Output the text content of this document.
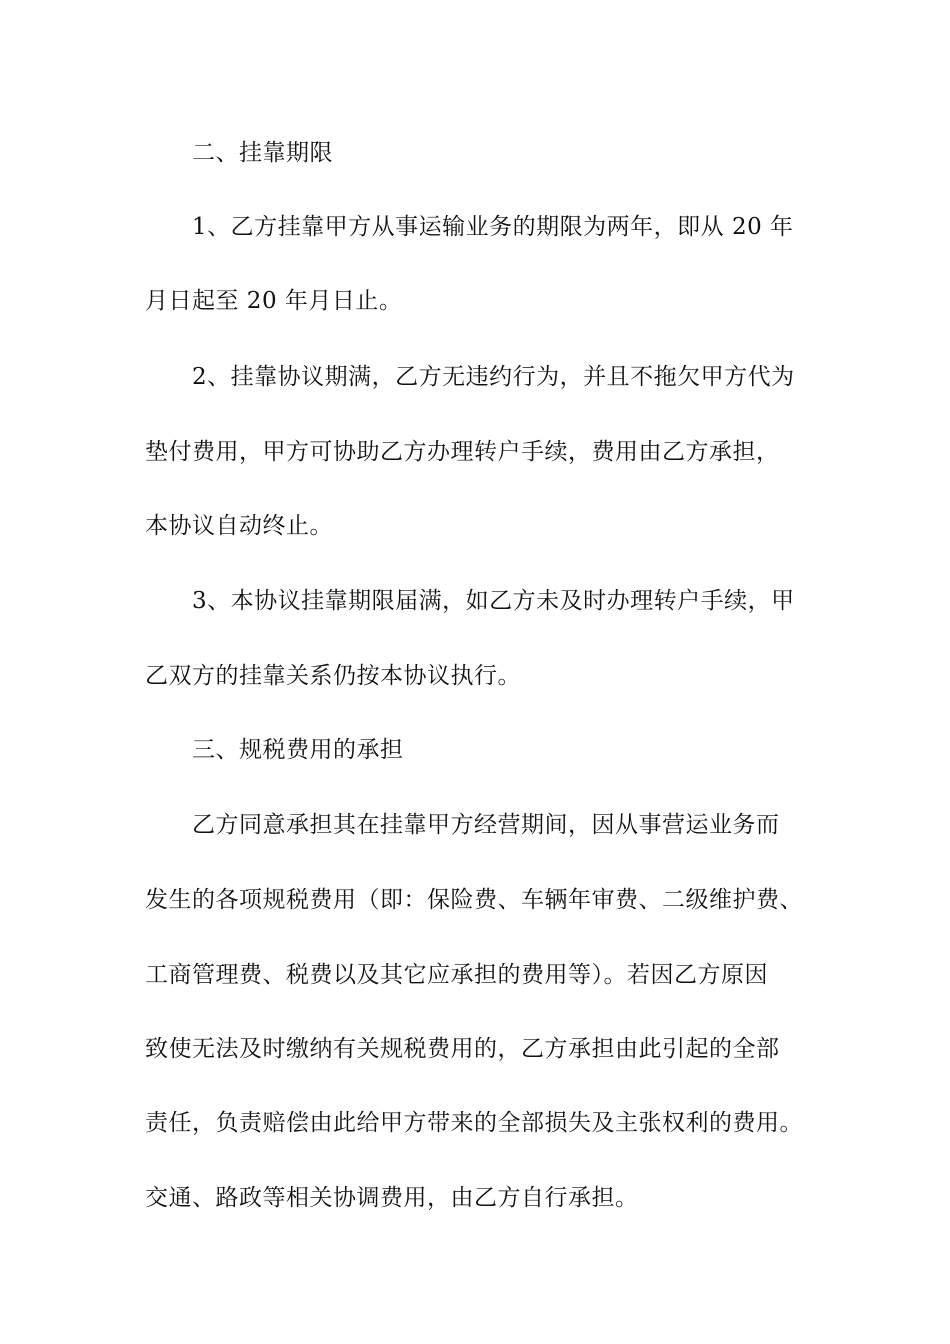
二、挂靠期限
1、乙方挂靠甲方从事运输业务的期限为两年，即从 20 年
月日起至 20 年月日止。
2、挂靠协议期满，乙方无违约行为，并且不拖欠甲方代为
垫付费用，甲方可协助乙方办理转户手续，费用由乙方承担，
本协议自动终止。
3、本协议挂靠期限届满，如乙方未及时办理转户手续，甲
乙双方的挂靠关系仍按本协议执行。
三、规税费用的承担
乙方同意承担其在挂靠甲方经营期间，因从事营运业务而
发生的各项规税费用（即：保险费、车辆年审费、二级维护费、
工商管理费、税费以及其它应承担的费用等）。若因乙方原因
致使无法及时缴纳有关规税费用的，乙方承担由此引起的全部
责任，负责赔偿由此给甲方带来的全部损失及主张权利的费用。
交通、路政等相关协调费用，由乙方自行承担。
